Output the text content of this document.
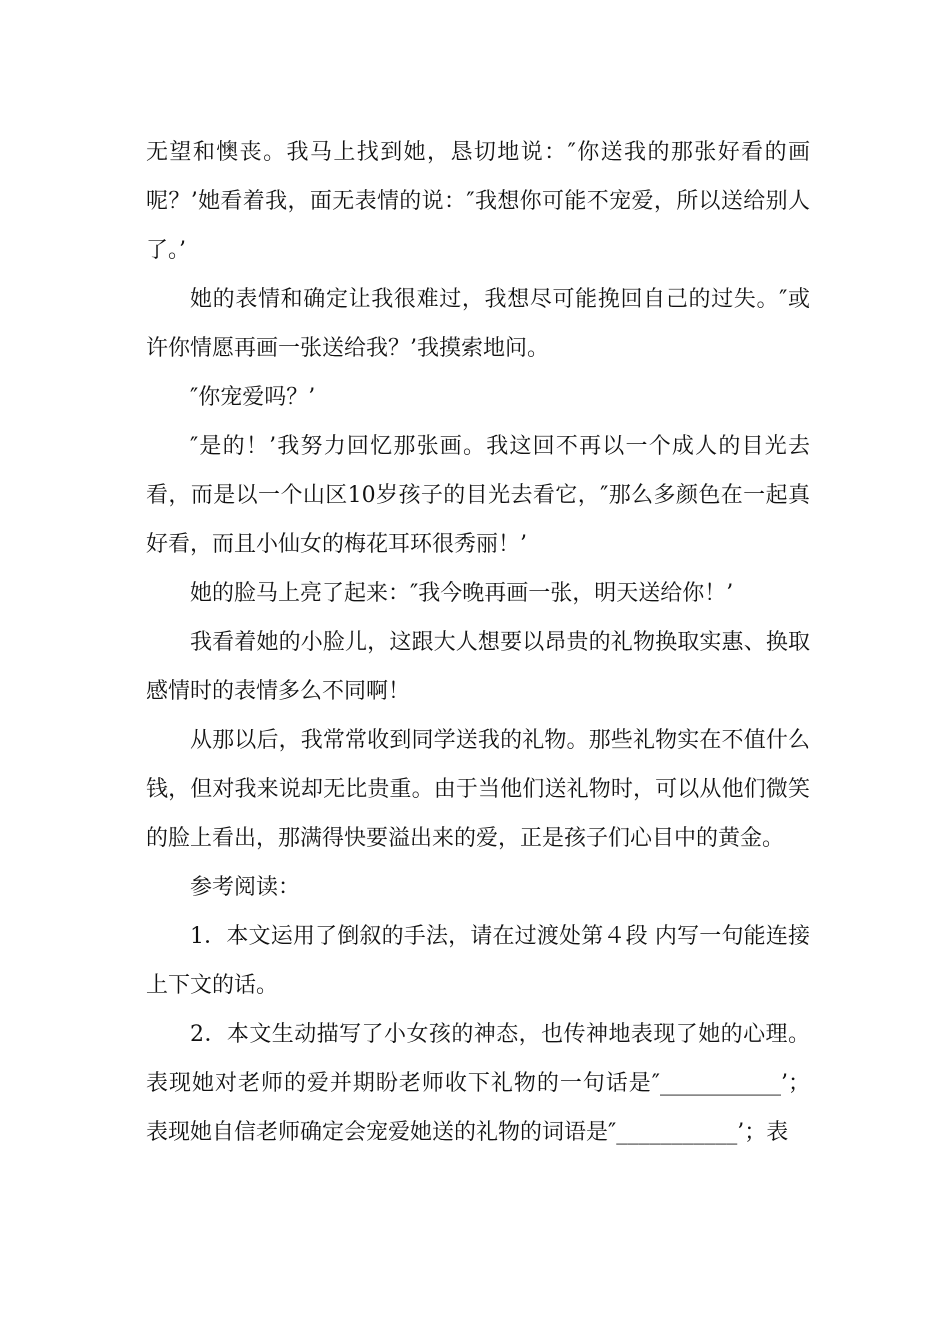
无望和懊丧。我马上找到她，恳切地说：″你送我的那张好看的画呢？’她看着我，面无表情的说：″我想你可能不宠爱，所以送给别人了。’

她的表情和确定让我很难过，我想尽可能挽回自己的过失。″或许你情愿再画一张送给我？’我摸索地问。

″你宠爱吗？’

″是的！’我努力回忆那张画。我这回不再以一个成人的目光去看，而是以一个山区10岁孩子的目光去看它，″那么多颜色在一起真好看，而且小仙女的梅花耳环很秀丽！’

她的脸马上亮了起来：″我今晚再画一张，明天送给你！’

我看着她的小脸儿，这跟大人想要以昂贵的礼物换取实惠、换取感情时的表情多么不同啊！

从那以后，我常常收到同学送我的礼物。那些礼物实在不值什么钱，但对我来说却无比贵重。由于当他们送礼物时，可以从他们微笑的脸上看出，那满得快要溢出来的爱，正是孩子们心目中的黄金。

参考阅读：

1．本文运用了倒叙的手法，请在过渡处第４段 内写一句能连接上下文的话。

2．本文生动描写了小女孩的神态，也传神地表现了她的心理。表现她对老师的爱并期盼老师收下礼物的一句话是″___________’；表现她自信老师确定会宠爱她送的礼物的词语是″___________’；表
